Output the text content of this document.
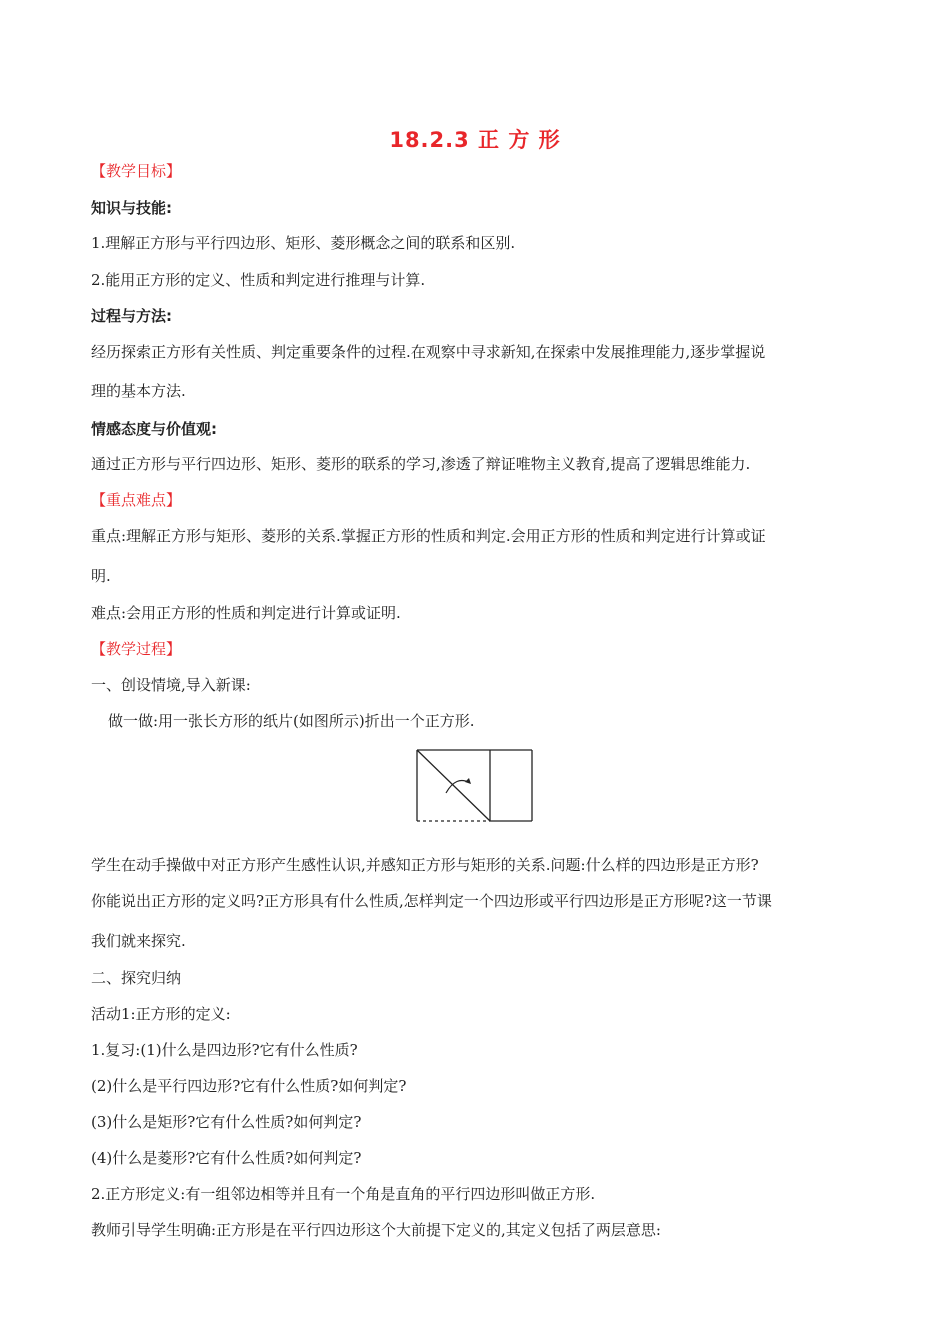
18.2.3 正 方 形
【教学目标】
知识与技能:
1.理解正方形与平行四边形、矩形、菱形概念之间的联系和区别.
2.能用正方形的定义、性质和判定进行推理与计算.
过程与方法:
经历探索正方形有关性质、判定重要条件的过程.在观察中寻求新知,在探索中发展推理能力,逐步掌握说
理的基本方法.
情感态度与价值观:
通过正方形与平行四边形、矩形、菱形的联系的学习,渗透了辩证唯物主义教育,提高了逻辑思维能力.
【重点难点】
重点:理解正方形与矩形、菱形的关系.掌握正方形的性质和判定.会用正方形的性质和判定进行计算或证
明.
难点:会用正方形的性质和判定进行计算或证明.
【教学过程】
一、创设情境,导入新课:
做一做:用一张长方形的纸片(如图所示)折出一个正方形.
学生在动手操做中对正方形产生感性认识,并感知正方形与矩形的关系.问题:什么样的四边形是正方形?
你能说出正方形的定义吗?正方形具有什么性质,怎样判定一个四边形或平行四边形是正方形呢?这一节课
我们就来探究.
二、探究归纳
活动1:正方形的定义:
1.复习:(1)什么是四边形?它有什么性质?
(2)什么是平行四边形?它有什么性质?如何判定?
(3)什么是矩形?它有什么性质?如何判定?
(4)什么是菱形?它有什么性质?如何判定?
2.正方形定义:有一组邻边相等并且有一个角是直角的平行四边形叫做正方形.
教师引导学生明确:正方形是在平行四边形这个大前提下定义的,其定义包括了两层意思:
